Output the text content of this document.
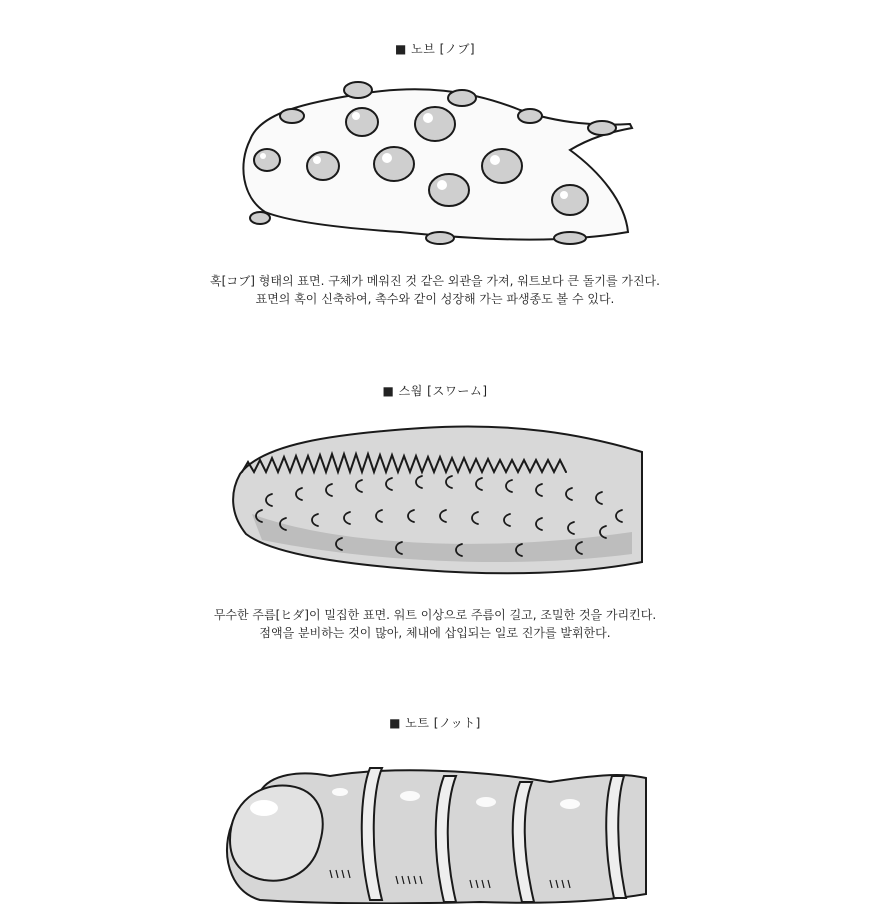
■ 노브 [ノブ]
혹[コブ] 형태의 표면. 구체가 메워진 것 같은 외관을 가져, 워트보다 큰 돌기를 가진다.
표면의 혹이 신축하여, 촉수와 같이 성장해 가는 파생종도 볼 수 있다.
■ 스웜 [スワーム]
무수한 주름[ヒダ]이 밀집한 표면. 워트 이상으로 주름이 길고, 조밀한 것을 가리킨다.
점액을 분비하는 것이 많아, 체내에 삽입되는 일로 진가를 발휘한다.
■ 노트 [ノット]
